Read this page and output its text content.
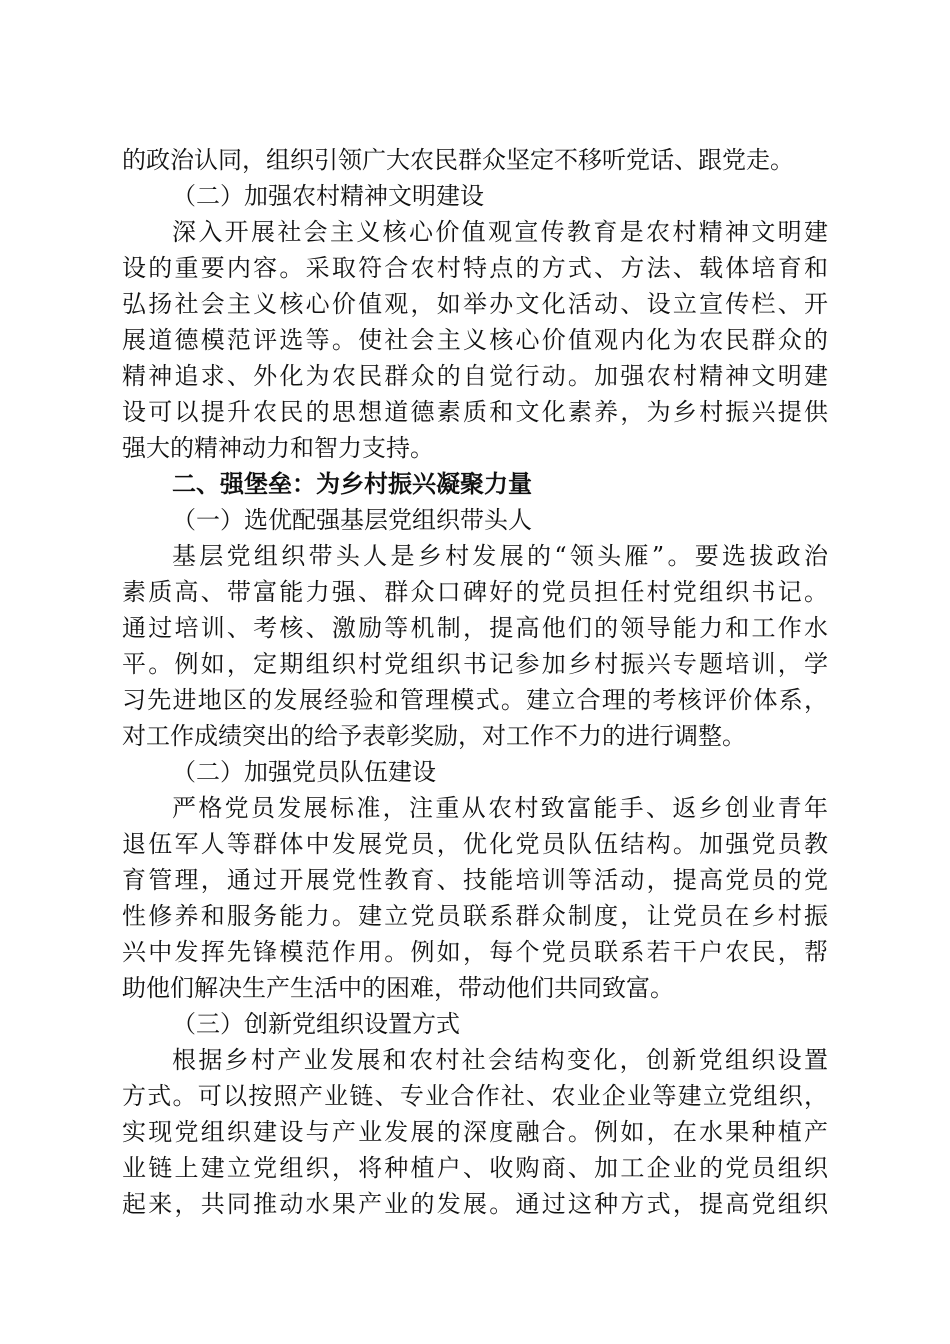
的政治认同，组织引领广大农民群众坚定不移听党话、跟党走。
（二）加强农村精神文明建设
深入开展社会主义核心价值观宣传教育是农村精神文明建
设的重要内容。采取符合农村特点的方式、方法、载体培育和
弘扬社会主义核心价值观，如举办文化活动、设立宣传栏、开
展道德模范评选等。使社会主义核心价值观内化为农民群众的
精神追求、外化为农民群众的自觉行动。加强农村精神文明建
设可以提升农民的思想道德素质和文化素养，为乡村振兴提供
强大的精神动力和智力支持。
二、强堡垒：为乡村振兴凝聚力量
（一）选优配强基层党组织带头人
基层党组织带头人是乡村发展的“领头雁”。要选拔政治
素质高、带富能力强、群众口碑好的党员担任村党组织书记。
通过培训、考核、激励等机制，提高他们的领导能力和工作水
平。例如，定期组织村党组织书记参加乡村振兴专题培训，学
习先进地区的发展经验和管理模式。建立合理的考核评价体系，
对工作成绩突出的给予表彰奖励，对工作不力的进行调整。
（二）加强党员队伍建设
严格党员发展标准，注重从农村致富能手、返乡创业青年
退伍军人等群体中发展党员，优化党员队伍结构。加强党员教
育管理，通过开展党性教育、技能培训等活动，提高党员的党
性修养和服务能力。建立党员联系群众制度，让党员在乡村振
兴中发挥先锋模范作用。例如，每个党员联系若干户农民，帮
助他们解决生产生活中的困难，带动他们共同致富。
（三）创新党组织设置方式
根据乡村产业发展和农村社会结构变化，创新党组织设置
方式。可以按照产业链、专业合作社、农业企业等建立党组织，
实现党组织建设与产业发展的深度融合。例如，在水果种植产
业链上建立党组织，将种植户、收购商、加工企业的党员组织
起来，共同推动水果产业的发展。通过这种方式，提高党组织
